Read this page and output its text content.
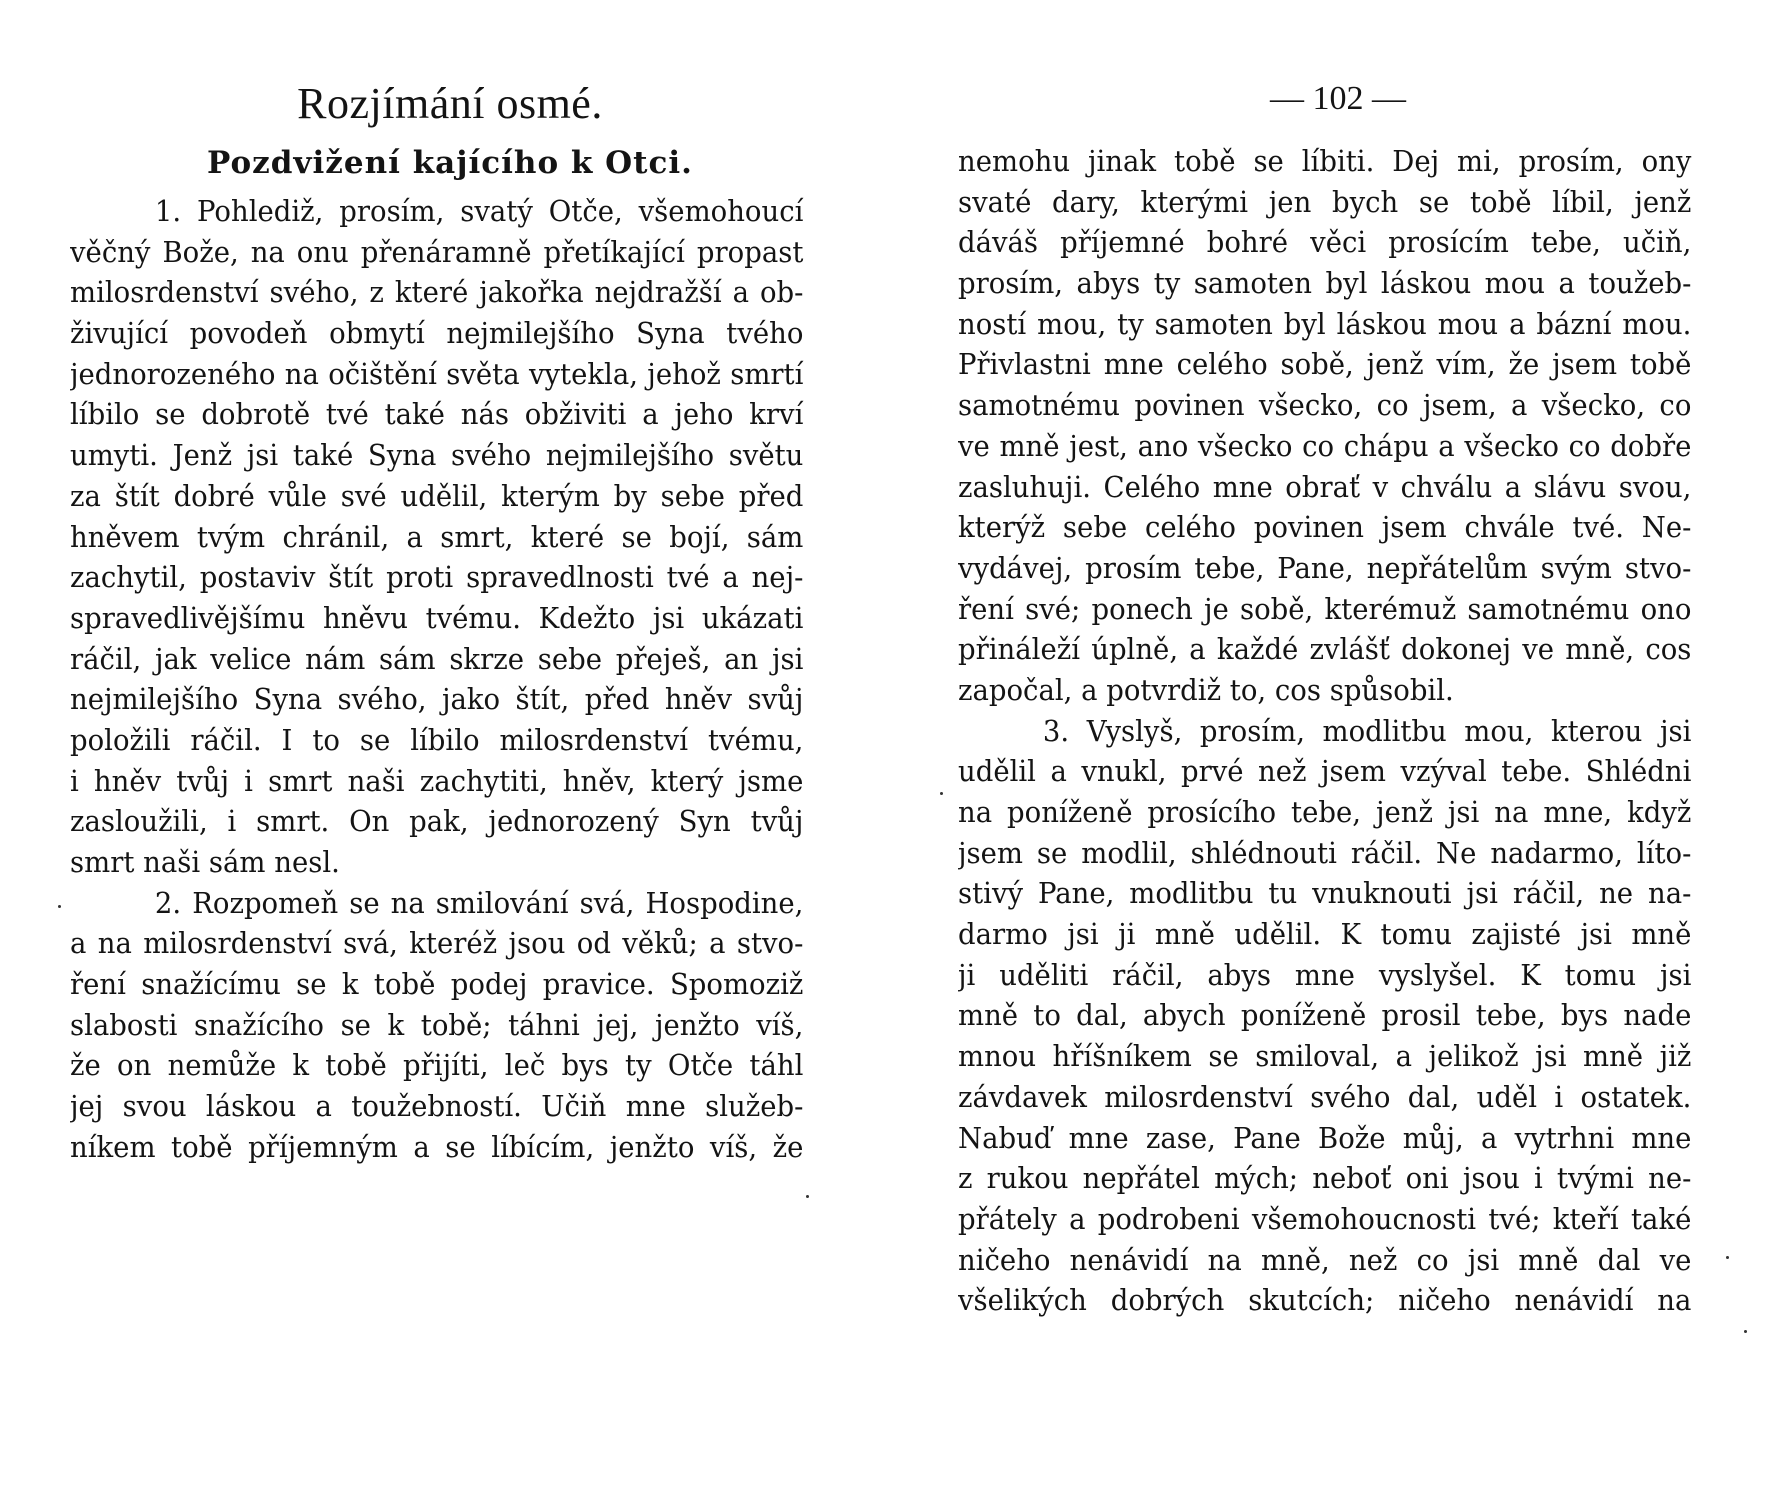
Rozjímání osmé.
Pozdvižení kajícího k Otci.
1. Pohlediž, prosím, svatý Otče, všemohoucí
věčný Bože, na onu přenáramně přetíkající propast
milosrdenství svého, z které jakořka nejdražší a ob-
živující povodeň obmytí nejmilejšího Syna tvého
jednorozeného na očištění světa vytekla, jehož smrtí
líbilo se dobrotě tvé také nás obživiti a jeho krví
umyti. Jenž jsi také Syna svého nejmilejšího světu
za štít dobré vůle své udělil, kterým by sebe před
hněvem tvým chránil, a smrt, které se bojí, sám
zachytil, postaviv štít proti spravedlnosti tvé a nej-
spravedlivějšímu hněvu tvému. Kdežto jsi ukázati
ráčil, jak velice nám sám skrze sebe přeješ, an jsi
nejmilejšího Syna svého, jako štít, před hněv svůj
položili ráčil. I to se líbilo milosrdenství tvému,
i hněv tvůj i smrt naši zachytiti, hněv, který jsme
zasloužili, i smrt. On pak, jednorozený Syn tvůj
smrt naši sám nesl.
2. Rozpomeň se na smilování svá, Hospodine,
a na milosrdenství svá, kteréž jsou od věků; a stvo-
ření snažícímu se k tobě podej pravice. Spomoziž
slabosti snažícího se k tobě; táhni jej, jenžto víš,
že on nemůže k tobě přijíti, leč bys ty Otče táhl
jej svou láskou a toužebností. Učiň mne služeb-
níkem tobě příjemným a se líbícím, jenžto víš, že
— 102 —
nemohu jinak tobě se líbiti. Dej mi, prosím, ony
svaté dary, kterými jen bych se tobě líbil, jenž
dáváš příjemné bohré věci prosícím tebe, učiň,
prosím, abys ty samoten byl láskou mou a toužeb-
ností mou, ty samoten byl láskou mou a bázní mou.
Přivlastni mne celého sobě, jenž vím, že jsem tobě
samotnému povinen všecko, co jsem, a všecko, co
ve mně jest, ano všecko co chápu a všecko co dobře
zasluhuji. Celého mne obrať v chválu a slávu svou,
kterýž sebe celého povinen jsem chvále tvé. Ne-
vydávej, prosím tebe, Pane, nepřátelům svým stvo-
ření své; ponech je sobě, kterémuž samotnému ono
přináleží úplně, a každé zvlášť dokonej ve mně, cos
započal, a potvrdiž to, cos spůsobil.
3. Vyslyš, prosím, modlitbu mou, kterou jsi
udělil a vnukl, prvé než jsem vzýval tebe. Shlédni
na poníženě prosícího tebe, jenž jsi na mne, když
jsem se modlil, shlédnouti ráčil. Ne nadarmo, líto-
stivý Pane, modlitbu tu vnuknouti jsi ráčil, ne na-
darmo jsi ji mně udělil. K tomu zajisté jsi mně
ji uděliti ráčil, abys mne vyslyšel. K tomu jsi
mně to dal, abych poníženě prosil tebe, bys nade
mnou hříšníkem se smiloval, a jelikož jsi mně již
závdavek milosrdenství svého dal, uděl i ostatek.
Nabuď mne zase, Pane Bože můj, a vytrhni mne
z rukou nepřátel mých; neboť oni jsou i tvými ne-
přátely a podrobeni všemohoucnosti tvé; kteří také
ničeho nenávidí na mně, než co jsi mně dal ve
všelikých dobrých skutcích; ničeho nenávidí na
